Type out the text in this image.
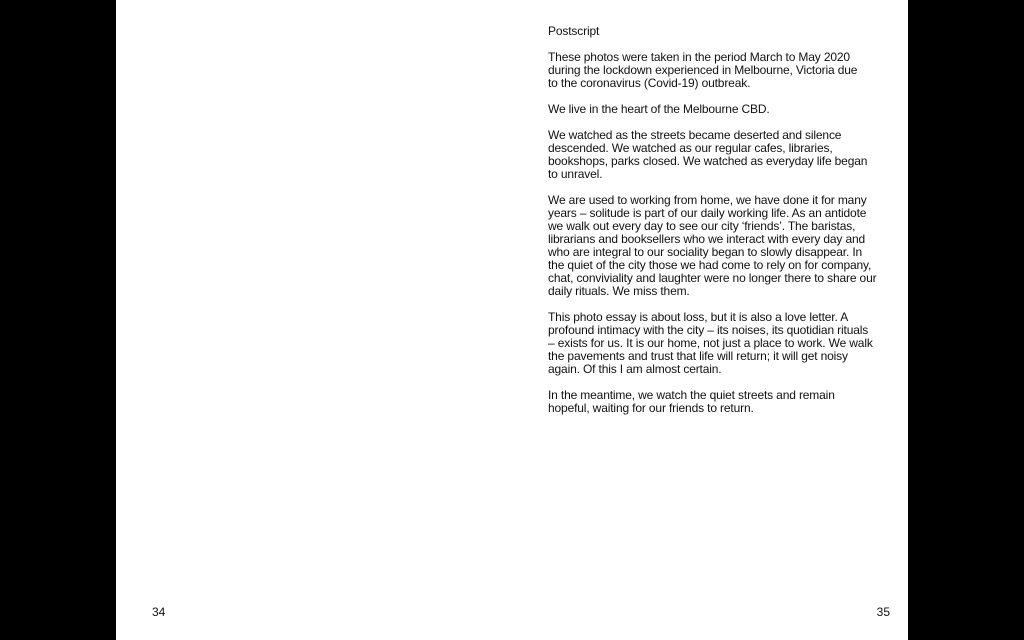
34
Postscript
These photos were taken in the period March to May 2020
during the lockdown experienced in Melbourne, Victoria due
to the coronavirus (Covid-19) outbreak.
We live in the heart of the Melbourne CBD.
We watched as the streets became deserted and silence
descended. We watched as our regular cafes, libraries,
bookshops, parks closed. We watched as everyday life began
to unravel.
We are used to working from home, we have done it for many
years – solitude is part of our daily working life. As an antidote
we walk out every day to see our city ‘friends’. The baristas,
librarians and booksellers who we interact with every day and
who are integral to our sociality began to slowly disappear. In
the quiet of the city those we had come to rely on for company,
chat, conviviality and laughter were no longer there to share our
daily rituals. We miss them.
This photo essay is about loss, but it is also a love letter. A
profound intimacy with the city – its noises, its quotidian rituals
– exists for us. It is our home, not just a place to work. We walk
the pavements and trust that life will return; it will get noisy
again. Of this I am almost certain.
In the meantime, we watch the quiet streets and remain
hopeful, waiting for our friends to return.
35
